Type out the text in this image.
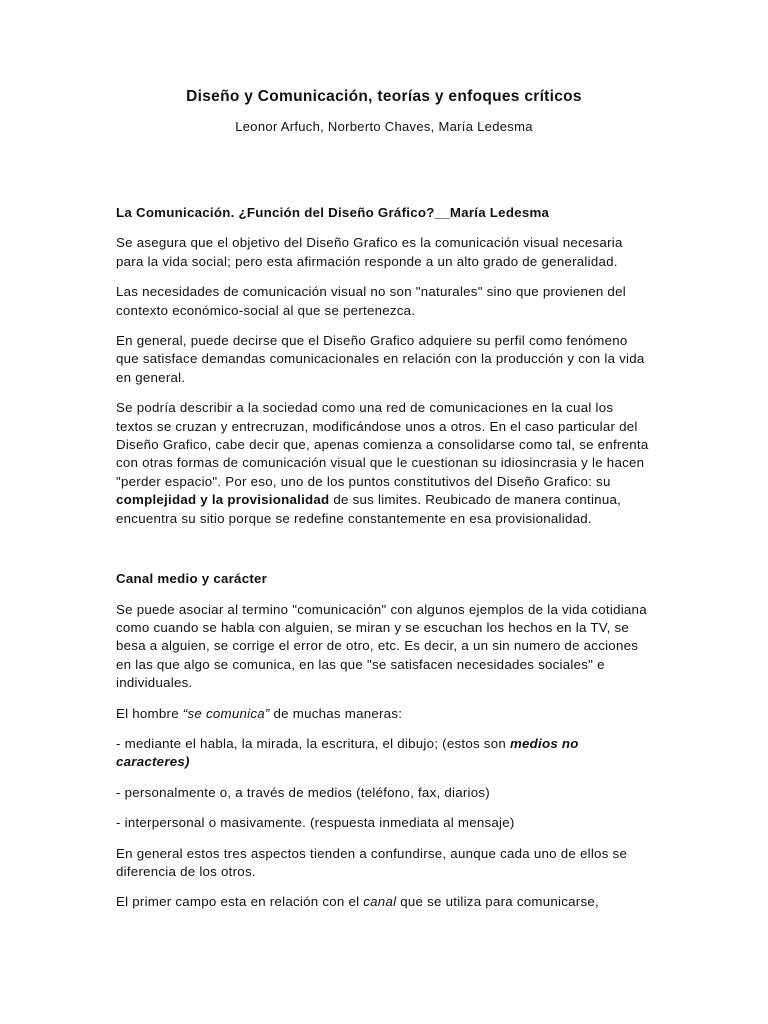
Diseño y Comunicación, teorías y enfoques críticos
Leonor Arfuch, Norberto Chaves, María Ledesma
La Comunicación. ¿Función del Diseño Gráfico?__María Ledesma

Se asegura que el objetivo del Diseño Grafico es la comunicación visual necesaria para la vida social; pero esta afirmación responde a un alto grado de generalidad.

Las necesidades de comunicación visual no son "naturales" sino que provienen del contexto económico-social al que se pertenezca.

En general, puede decirse que el Diseño Grafico adquiere su perfil como fenómeno que satisface demandas comunicacionales en relación con la producción y con la vida en general.

Se podría describir a la sociedad como una red de comunicaciones en la cual los textos se cruzan y entrecruzan, modificándose unos a otros. En el caso particular del Diseño Grafico, cabe decir que, apenas comienza a consolidarse como tal, se enfrenta con otras formas de comunicación visual que le cuestionan su idiosincrasia y le hacen "perder espacio". Por eso, uno de los puntos constitutivos del Diseño Grafico: su complejidad y la provisionalidad de sus limites. Reubicado de manera continua, encuentra su sitio porque se redefine constantemente en esa provisionalidad.

Canal medio y carácter

Se puede asociar al termino "comunicación" con algunos ejemplos de la vida cotidiana como cuando se habla con alguien, se miran y se escuchan los hechos en la TV, se besa a alguien, se corrige el error de otro, etc. Es decir, a un sin numero de acciones en las que algo se comunica, en las que "se satisfacen necesidades sociales" e individuales.

El hombre “se comunica” de muchas maneras:

- mediante el habla, la mirada, la escritura, el dibujo; (estos son medios no caracteres)

- personalmente o, a través de medios (teléfono, fax, diarios)

- interpersonal o masivamente. (respuesta inmediata al mensaje)

En general estos tres aspectos tienden a confundirse, aunque cada uno de ellos se diferencia de los otros.

El primer campo esta en relación con el canal que se utiliza para comunicarse,
